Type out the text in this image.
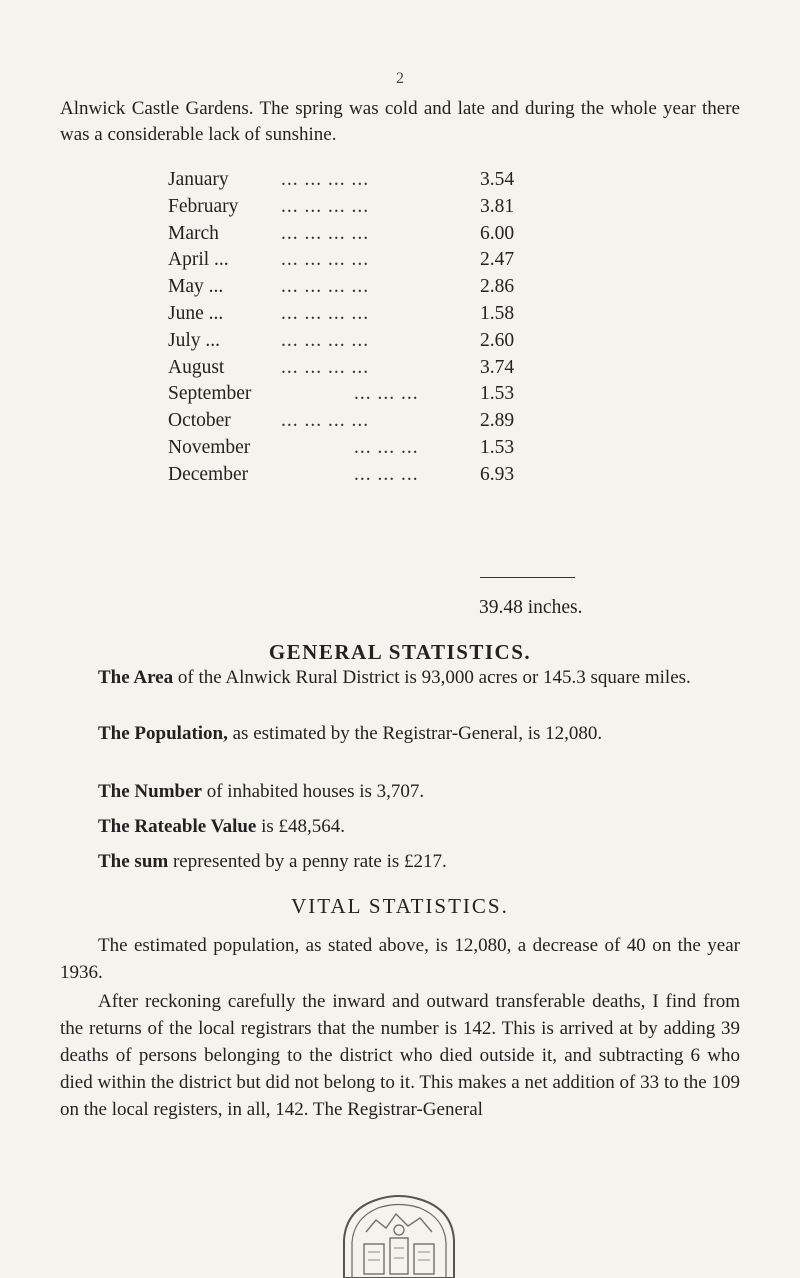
2

Alnwick Castle Gardens. The spring was cold and late and during the whole year there was a considerable lack of sunshine.

January	... ... ... ...	3.54
February ... ... ... ...	3.81
March	... ... ... ...	6.00
April ...	... ... ... ...	2.47
May ...	... ... ... ...	2.86
June ...	... ... ... ...	1.58
July ...	... ... ... ...	2.60
August	... ... ... ...	3.74
September	... ... ...	1.53
October	... ... ... ...	2.89
November	... ... ...	1.53
December	... ... ...	6.93
39.48 inches.
GENERAL STATISTICS.

The Area of the Alnwick Rural District is 93,000 acres or 145.3 square miles.

The Population, as estimated by the Registrar-General, is 12,080.

The Number of inhabited houses is 3,707.

The Rateable Value is £48,564.

The sum represented by a penny rate is £217.

VITAL STATISTICS.

The estimated population, as stated above, is 12,080, a decrease of 40 on the year 1936.

After reckoning carefully the inward and outward transferable deaths, I find from the returns of the local registrars that the number is 142. This is arrived at by adding 39 deaths of persons belonging to the district who died outside it, and subtracting 6 who died within the district but did not belong to it. This makes a net addition of 33 to the 109 on the local registers, in all, 142. The Registrar-General
